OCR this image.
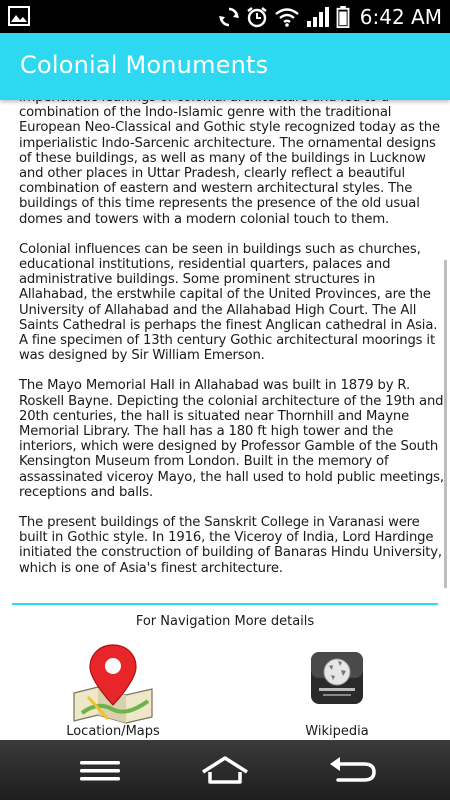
6:42 AM
Colonial Monuments

combination of the Indo-Islamic genre with the traditional European Neo-Classical and Gothic style recognized today as the imperialistic Indo-Sarcenic architecture. The ornamental designs of these buildings, as well as many of the buildings in Lucknow and other places in Uttar Pradesh, clearly reflect a beautiful combination of eastern and western architectural styles. The buildings of this time represents the presence of the old usual domes and towers with a modern colonial touch to them.

Colonial influences can be seen in buildings such as churches, educational institutions, residential quarters, palaces and administrative buildings. Some prominent structures in Allahabad, the erstwhile capital of the United Provinces, are the University of Allahabad and the Allahabad High Court. The All Saints Cathedral is perhaps the finest Anglican cathedral in Asia. A fine specimen of 13th century Gothic architectural moorings it was designed by Sir William Emerson.

The Mayo Memorial Hall in Allahabad was built in 1879 by R. Roskell Bayne. Depicting the colonial architecture of the 19th and 20th centuries, the hall is situated near Thornhill and Mayne Memorial Library. The hall has a 180 ft high tower and the interiors, which were designed by Professor Gamble of the South Kensington Museum from London. Built in the memory of assassinated viceroy Mayo, the hall used to hold public meetings, receptions and balls.

The present buildings of the Sanskrit College in Varanasi were built in Gothic style. In 1916, the Viceroy of India, Lord Hardinge initiated the construction of building of Banaras Hindu University, which is one of Asia's finest architecture.

For Navigation More details
Location/Maps	Wikipedia
